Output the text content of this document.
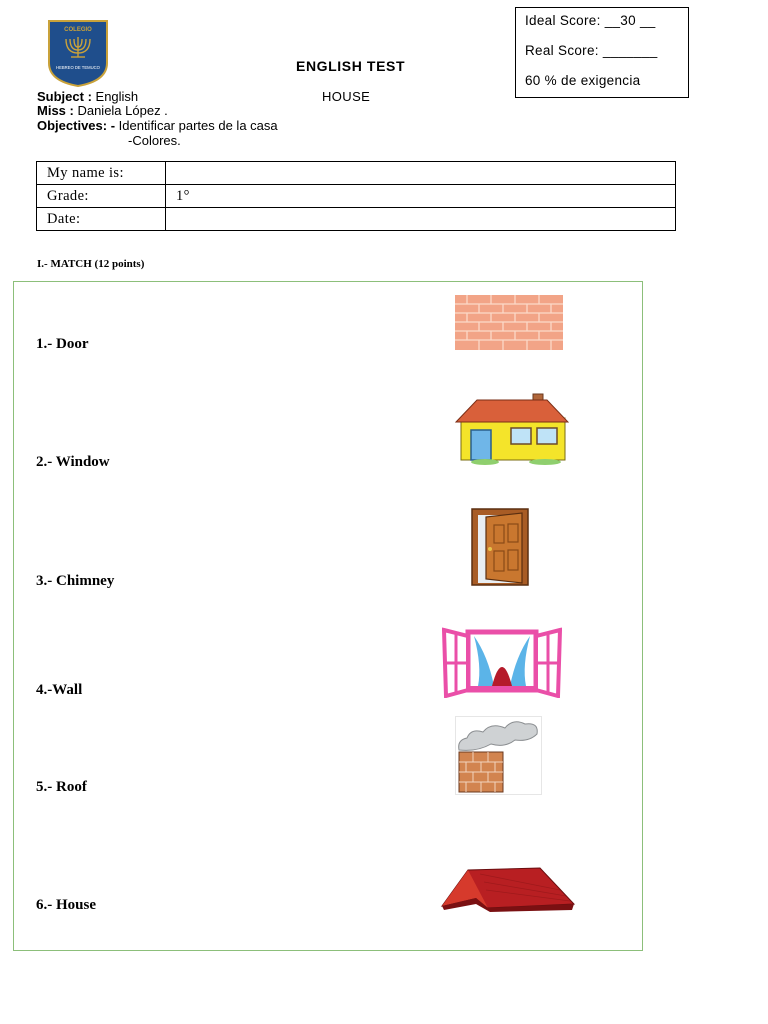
COLEGIO
HEBREO DE TEMUCO
Ideal Score: __30 __
Real Score: _______
60 % de exigencia
ENGLISH TEST
HOUSE
Subject : English
Miss : Daniela López .
Objectives: - Identificar partes de la casa
-Colores.
My name is:	
Grade:	1°
Date:	
I.- MATCH (12 points)
1.- Door
2.- Window
3.- Chimney
4.-Wall
5.- Roof
6.- House
